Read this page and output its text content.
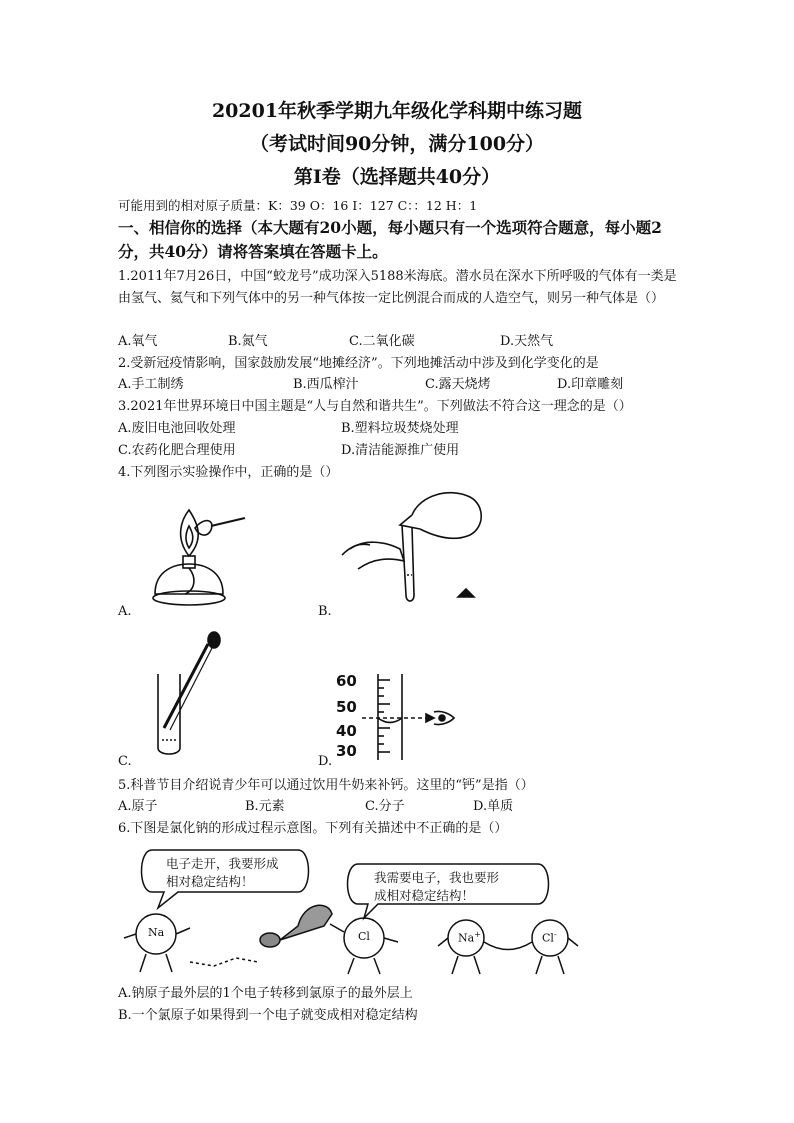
20201年秋季学期九年级化学科期中练习题
（考试时间90分钟，满分100分）
第Ⅰ卷（选择题共40分）
可能用到的相对原子质量：K：39 O：16 I：127 C：：12 H：1
一、相信你的选择（本大题有20小题，每小题只有一个选项符合题意，每小题2分，共40分）请将答案填在答题卡上。
1.2011年7月26日，中国“蛟龙号”成功深入5188米海底。潜水员在深水下所呼吸的气体有一类是由氢气、氦气和下列气体中的另一种气体按一定比例混合而成的人造空气，则另一种气体是（）
A.氧气	B.氮气	C.二氧化碳	D.天然气
2.受新冠疫情影响，国家鼓励发展“地摊经济”。下列地摊活动中涉及到化学变化的是
A.手工制绣	B.西瓜榨汁	C.露天烧烤	D.印章雕刻
3.2021年世界环境日中国主题是“人与自然和谐共生”。下列做法不符合这一理念的是（）
A.废旧电池回收处理	B.塑料垃圾焚烧处理
C.农药化肥合理使用	D.清洁能源推广使用
4.下列图示实验操作中，正确的是（）
A.	B.
C.
60
50
40
30
D.
5.科普节目介绍说青少年可以通过饮用牛奶来补钙。这里的“钙”是指（）
A.原子	B.元素	C.分子	D.单质
6.下图是氯化钠的形成过程示意图。下列有关描述中不正确的是（）
电子走开，我要形成
相对稳定结构！	我需要电子，我也要形
成相对稳定结构！
Na	Cl	Na+	Cl-
A.钠原子最外层的1个电子转移到氯原子的最外层上
B.一个氯原子如果得到一个电子就变成相对稳定结构
